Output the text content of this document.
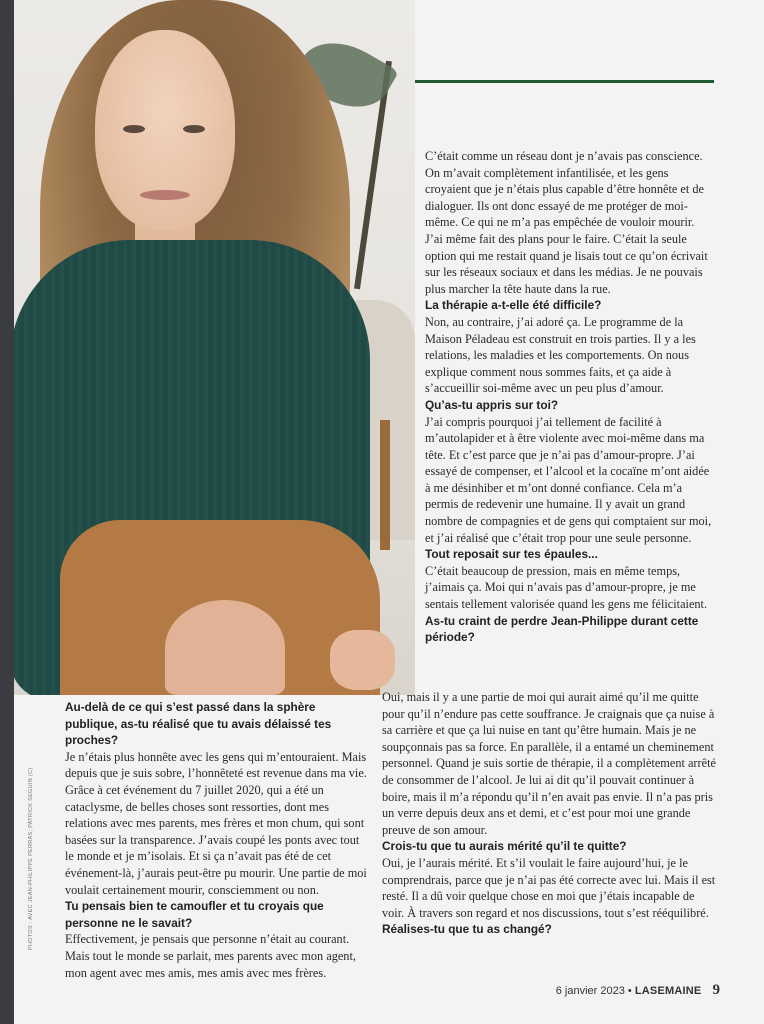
C’était comme un réseau dont je n’avais pas conscience. On m’avait complètement infantilisée, et les gens croyaient que je n’étais plus capable d’être honnête et de dialoguer. Ils ont donc essayé de me protéger de moi-même. Ce qui ne m’a pas empêchée de vouloir mourir. J’ai même fait des plans pour le faire. C’était la seule option qui me restait quand je lisais tout ce qu’on écrivait sur les réseaux sociaux et dans les médias. Je ne pouvais plus marcher la tête haute dans la rue.

La thérapie a-t-elle été difficile?

Non, au contraire, j’ai adoré ça. Le programme de la Maison Péladeau est construit en trois parties. Il y a les relations, les maladies et les comportements. On nous explique comment nous sommes faits, et ça aide à s’accueillir soi-même avec un peu plus d’amour.

Qu’as-tu appris sur toi?

J’ai compris pourquoi j’ai tellement de facilité à m’autolapider et à être violente avec moi-même dans ma tête. Et c’est parce que je n’ai pas d’amour-propre. J’ai essayé de compenser, et l’alcool et la cocaïne m’ont aidée à me désinhiber et m’ont donné confiance. Cela m’a permis de redevenir une humaine. Il y avait un grand nombre de compagnies et de gens qui comptaient sur moi, et j’ai réalisé que c’était trop pour une seule personne.

Tout reposait sur tes épaules...

C’était beaucoup de pression, mais en même temps, j’aimais ça. Moi qui n’avais pas d’amour-propre, je me sentais tellement valorisée quand les gens me félicitaient.

As-tu craint de perdre Jean-Philippe durant cette période?

Au-delà de ce qui s’est passé dans la sphère publique, as-tu réalisé que tu avais délaissé tes proches?

Je n’étais plus honnête avec les gens qui m’entouraient. Mais depuis que je suis sobre, l’honnêteté est revenue dans ma vie. Grâce à cet événement du 7 juillet 2020, qui a été un cataclysme, de belles choses sont ressorties, dont mes relations avec mes parents, mes frères et mon chum, qui sont basées sur la transparence. J’avais coupé les ponts avec tout le monde et je m’isolais. Et si ça n’avait pas été de cet événement-là, j’aurais peut-être pu mourir. Une partie de moi voulait certainement mourir, consciemment ou non.

Tu pensais bien te camoufler et tu croyais que personne ne le savait?

Effectivement, je pensais que personne n’était au courant. Mais tout le monde se parlait, mes parents avec mon agent, mon agent avec mes amis, mes amis avec mes frères.

Oui, mais il y a une partie de moi qui aurait aimé qu’il me quitte pour qu’il n’endure pas cette souffrance. Je craignais que ça nuise à sa carrière et que ça lui nuise en tant qu’être humain. Mais je ne soupçonnais pas sa force. En parallèle, il a entamé un cheminement personnel. Quand je suis sortie de thérapie, il a complètement arrêté de consommer de l’alcool. Je lui ai dit qu’il pouvait continuer à boire, mais il m’a répondu qu’il n’en avait pas envie. Il n’a pas pris un verre depuis deux ans et demi, et c’est pour moi une grande preuve de son amour.

Crois-tu que tu aurais mérité qu’il te quitte?

Oui, je l’aurais mérité. Et s’il voulait le faire aujourd’hui, je le comprendrais, parce que je n’ai pas été correcte avec lui. Mais il est resté. Il a dû voir quelque chose en moi que j’étais incapable de voir. À travers son regard et nos discussions, tout s’est rééquilibré.

Réalises-tu que tu as changé?

PHOTOS : AVEC JEAN-PHILIPPE PERRAS; PATRICK SEGUIN (C)
6 janvier 2023 • LASEMAINE 9
